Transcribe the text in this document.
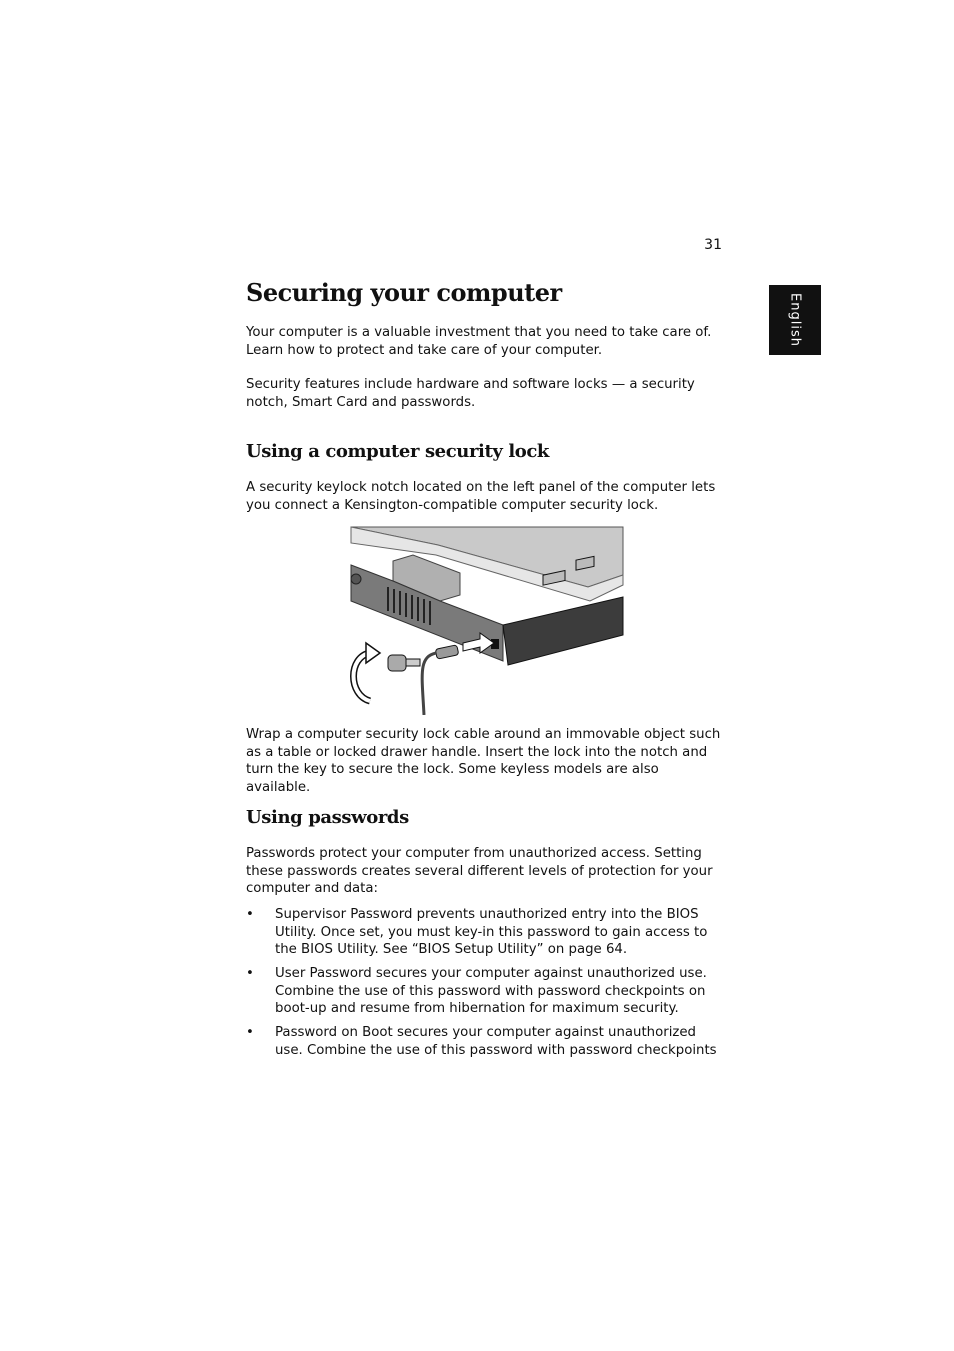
31
English
Securing your computer

Your computer is a valuable investment that you need to take care of.
Learn how to protect and take care of your computer.

Security features include hardware and software locks — a security
notch, Smart Card and passwords.

Using a computer security lock

A security keylock notch located on the left panel of the computer lets
you connect a Kensington-compatible computer security lock.

Wrap a computer security lock cable around an immovable object such
as a table or locked drawer handle. Insert the lock into the notch and
turn the key to secure the lock. Some keyless models are also available.

Using passwords

Passwords protect your computer from unauthorized access. Setting
these passwords creates several different levels of protection for your
computer and data:

• Supervisor Password prevents unauthorized entry into the BIOS
Utility. Once set, you must key-in this password to gain access to
the BIOS Utility. See “BIOS Setup Utility” on page 64.
• User Password secures your computer against unauthorized use.
Combine the use of this password with password checkpoints on
boot-up and resume from hibernation for maximum security.
• Password on Boot secures your computer against unauthorized
use. Combine the use of this password with password checkpoints
